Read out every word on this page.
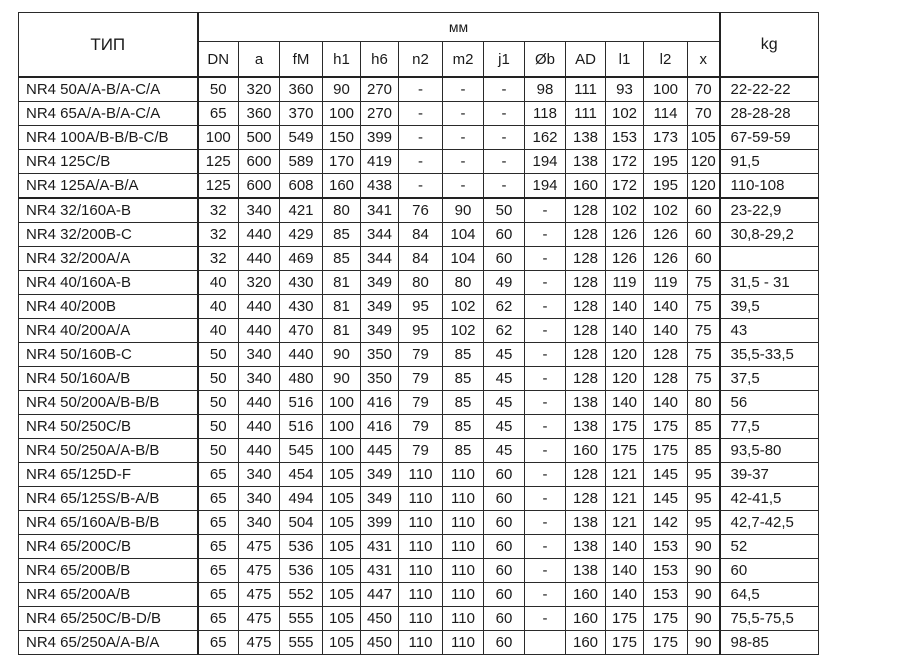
ТИП	мм													kg
	DN	a	fM	h1	h6	n2	m2	j1	Øb	AD	l1	l2	x	
NR4 50A/A-B/A-C/A	50	320	360	90	270	-	-	-	98	111	93	100	70	22-22-22
NR4 65A/A-B/A-C/A	65	360	370	100	270	-	-	-	118	111	102	114	70	28-28-28
NR4 100A/B-B/B-C/B	100	500	549	150	399	-	-	-	162	138	153	173	105	67-59-59
NR4 125C/B	125	600	589	170	419	-	-	-	194	138	172	195	120	91,5
NR4 125A/A-B/A	125	600	608	160	438	-	-	-	194	160	172	195	120	110-108
NR4 32/160A-B	32	340	421	80	341	76	90	50	-	128	102	102	60	23-22,9
NR4 32/200B-C	32	440	429	85	344	84	104	60	-	128	126	126	60	30,8-29,2
NR4 32/200A/A	32	440	469	85	344	84	104	60	-	128	126	126	60	
NR4 40/160A-B	40	320	430	81	349	80	80	49	-	128	119	119	75	31,5 - 31
NR4 40/200B	40	440	430	81	349	95	102	62	-	128	140	140	75	39,5
NR4 40/200A/A	40	440	470	81	349	95	102	62	-	128	140	140	75	43
NR4 50/160B-C	50	340	440	90	350	79	85	45	-	128	120	128	75	35,5-33,5
NR4 50/160A/B	50	340	480	90	350	79	85	45	-	128	120	128	75	37,5
NR4 50/200A/B-B/B	50	440	516	100	416	79	85	45	-	138	140	140	80	56
NR4 50/250C/B	50	440	516	100	416	79	85	45	-	138	175	175	85	77,5
NR4 50/250A/A-B/B	50	440	545	100	445	79	85	45	-	160	175	175	85	93,5-80
NR4 65/125D-F	65	340	454	105	349	110	110	60	-	128	121	145	95	39-37
NR4 65/125S/B-A/B	65	340	494	105	349	110	110	60	-	128	121	145	95	42-41,5
NR4 65/160A/B-B/B	65	340	504	105	399	110	110	60	-	138	121	142	95	42,7-42,5
NR4 65/200C/B	65	475	536	105	431	110	110	60	-	138	140	153	90	52
NR4 65/200B/B	65	475	536	105	431	110	110	60	-	138	140	153	90	60
NR4 65/200A/B	65	475	552	105	447	110	110	60	-	160	140	153	90	64,5
NR4 65/250C/B-D/B	65	475	555	105	450	110	110	60	-	160	175	175	90	75,5-75,5
NR4 65/250A/A-B/A	65	475	555	105	450	110	110	60		160	175	175	90	98-85
